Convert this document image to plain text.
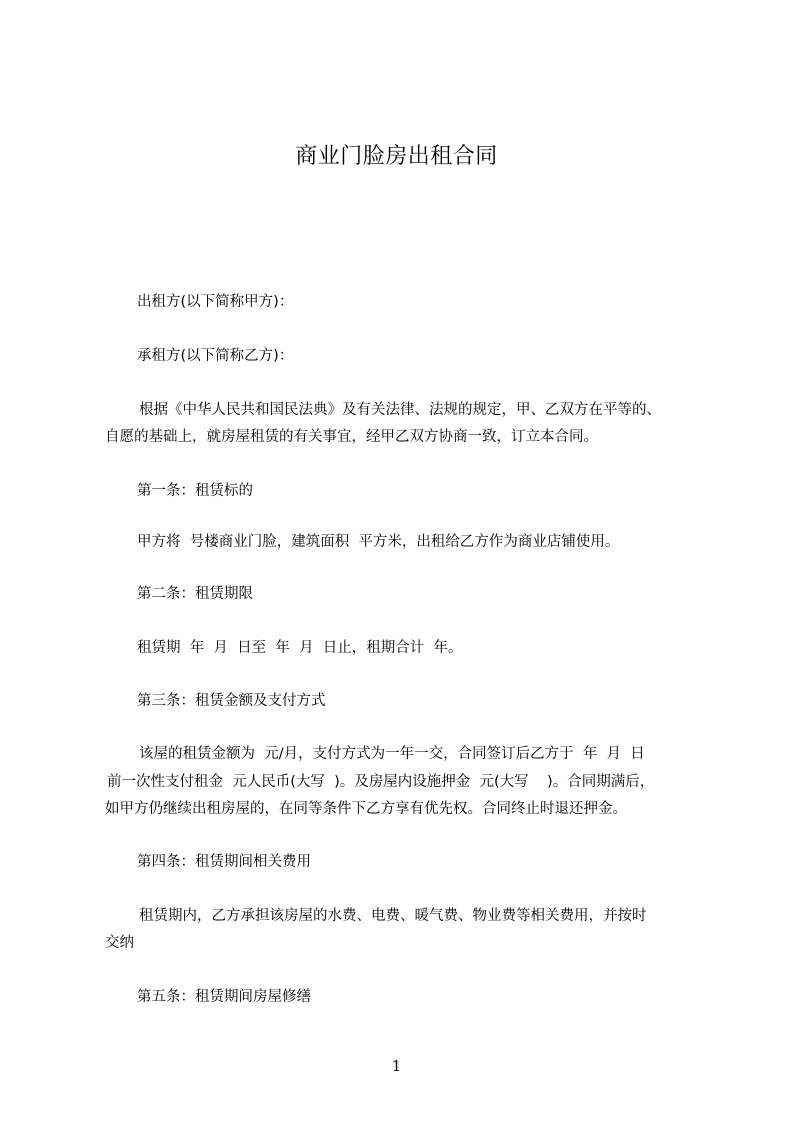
商业门脸房出租合同
出租方(以下简称甲方)：
承租方(以下简称乙方)：
根据《中华人民共和国民法典》及有关法律、法规的规定，甲、乙双方在平等的、
自愿的基础上，就房屋租赁的有关事宜，经甲乙双方协商一致，订立本合同。
第一条：租赁标的
甲方将  号楼商业门脸，建筑面积  平方米，出租给乙方作为商业店铺使用。
第二条：租赁期限
租赁期  年  月  日至  年  月  日止，租期合计  年。
第三条：租赁金额及支付方式
该屋的租赁金额为  元/月，支付方式为一年一交，合同签订后乙方于  年  月  日
前一次性支付租金  元人民币(大写  )。及房屋内设施押金  元(大写    )。合同期满后，
如甲方仍继续出租房屋的，在同等条件下乙方享有优先权。合同终止时退还押金。
第四条：租赁期间相关费用
租赁期内，乙方承担该房屋的水费、电费、暖气费、物业费等相关费用，并按时
交纳
第五条：租赁期间房屋修缮
1
